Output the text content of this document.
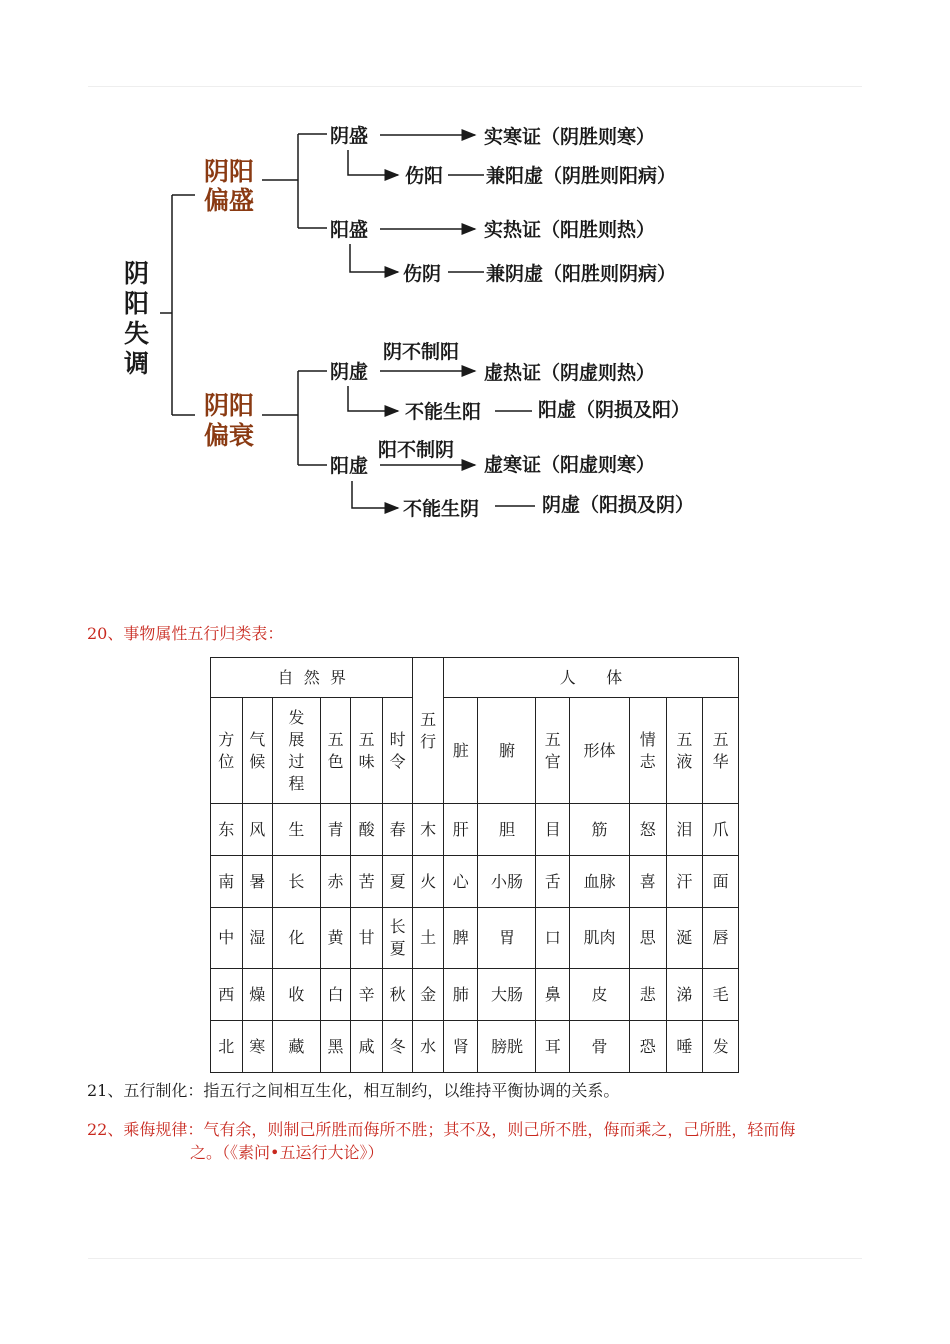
阴
阳
失
调
阴阳
偏盛
阴阳
偏衰
阴盛	实寒证（阴胜则寒）
伤阳 兼阳虚（阴胜则阳病）
阳盛	实热证（阳胜则热）
伤阴 兼阴虚（阳胜则阴病）
阴不制阳
阴虚	虚热证（阴虚则热）
不能生阳	阳虚（阴损及阳）
阳不制阴
阳虚	虚寒证（阳虚则寒）
不能生阴	阴虚（阳损及阴）
20、事物属性五行归类表：
自  然  界						五行	人      体						
方位	气候	发展过程	五色	五味	时令		脏	腑	五官	形体	情志	五液	五华
东	风	生	青	酸	春	木	肝	胆	目	筋	怒	泪	爪
南	暑	长	赤	苦	夏	火	心	小肠	舌	血脉	喜	汗	面
中	湿	化	黄	甘	长夏	土	脾	胃	口	肌肉	思	涎	唇
西	燥	收	白	辛	秋	金	肺	大肠	鼻	皮	悲	涕	毛
北	寒	藏	黑	咸	冬	水	肾	膀胱	耳	骨	恐	唾	发
21、五行制化：指五行之间相互生化，相互制约，以维持平衡协调的关系。
22、乘侮规律：气有余，则制己所胜而侮所不胜；其不及，则己所不胜，侮而乘之，己所胜，轻而侮
之。（《素问•五运行大论》）
